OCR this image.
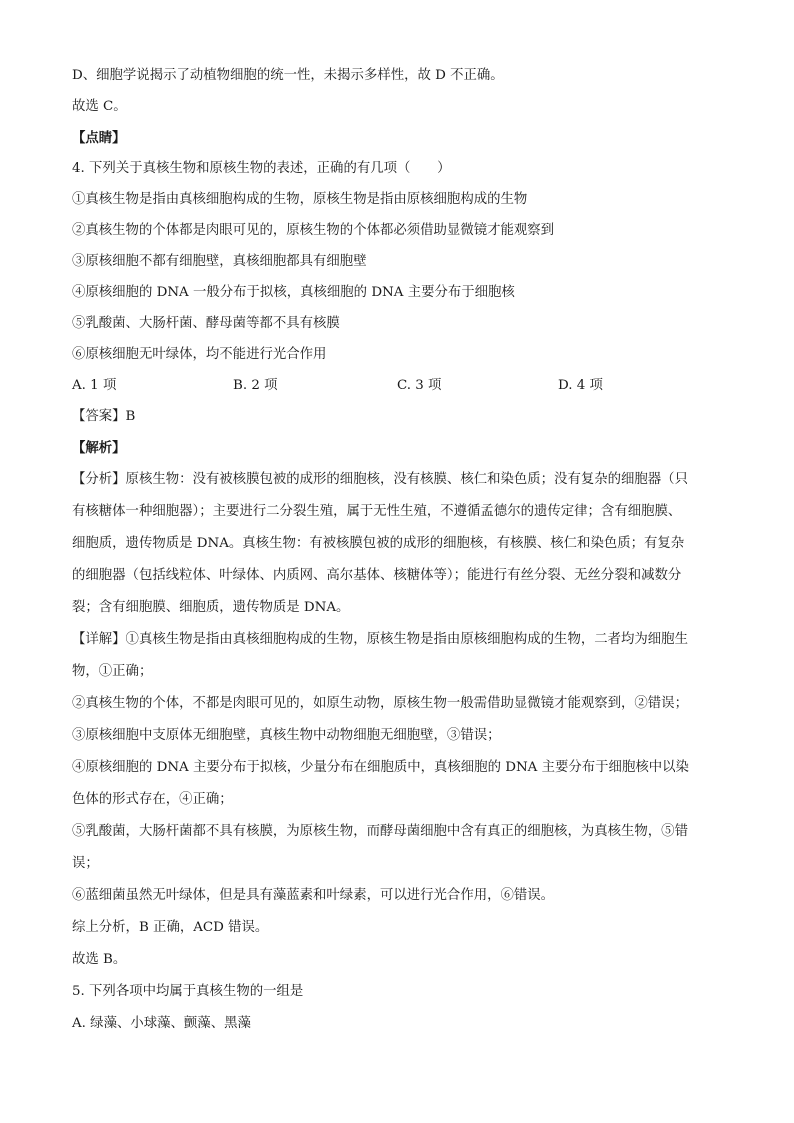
D、细胞学说揭示了动植物细胞的统一性，未揭示多样性，故 D 不正确。
故选 C。
【点睛】
4. 下列关于真核生物和原核生物的表述，正确的有几项（　　）
①真核生物是指由真核细胞构成的生物，原核生物是指由原核细胞构成的生物
②真核生物的个体都是肉眼可见的，原核生物的个体都必须借助显微镜才能观察到
③原核细胞不都有细胞壁，真核细胞都具有细胞壁
④原核细胞的 DNA 一般分布于拟核，真核细胞的 DNA 主要分布于细胞核
⑤乳酸菌、大肠杆菌、酵母菌等都不具有核膜
⑥原核细胞无叶绿体，均不能进行光合作用
A. 1 项	B. 2 项	C. 3 项	D. 4 项
【答案】B
【解析】
【分析】原核生物：没有被核膜包被的成形的细胞核，没有核膜、核仁和染色质；没有复杂的细胞器（只
有核糖体一种细胞器）；主要进行二分裂生殖，属于无性生殖，不遵循孟德尔的遗传定律；含有细胞膜、
细胞质，遗传物质是 DNA。真核生物：有被核膜包被的成形的细胞核，有核膜、核仁和染色质；有复杂
的细胞器（包括线粒体、叶绿体、内质网、高尔基体、核糖体等）；能进行有丝分裂、无丝分裂和减数分
裂；含有细胞膜、细胞质，遗传物质是 DNA。
【详解】①真核生物是指由真核细胞构成的生物，原核生物是指由原核细胞构成的生物，二者均为细胞生
物，①正确；
②真核生物的个体，不都是肉眼可见的，如原生动物，原核生物一般需借助显微镜才能观察到，②错误；
③原核细胞中支原体无细胞壁，真核生物中动物细胞无细胞壁，③错误；
④原核细胞的 DNA 主要分布于拟核，少量分布在细胞质中，真核细胞的 DNA 主要分布于细胞核中以染
色体的形式存在，④正确；
⑤乳酸菌，大肠杆菌都不具有核膜，为原核生物，而酵母菌细胞中含有真正的细胞核，为真核生物，⑤错
误；
⑥蓝细菌虽然无叶绿体，但是具有藻蓝素和叶绿素，可以进行光合作用，⑥错误。
综上分析，B 正确，ACD 错误。
故选 B。
5. 下列各项中均属于真核生物的一组是
A. 绿藻、小球藻、颤藻、黑藻
